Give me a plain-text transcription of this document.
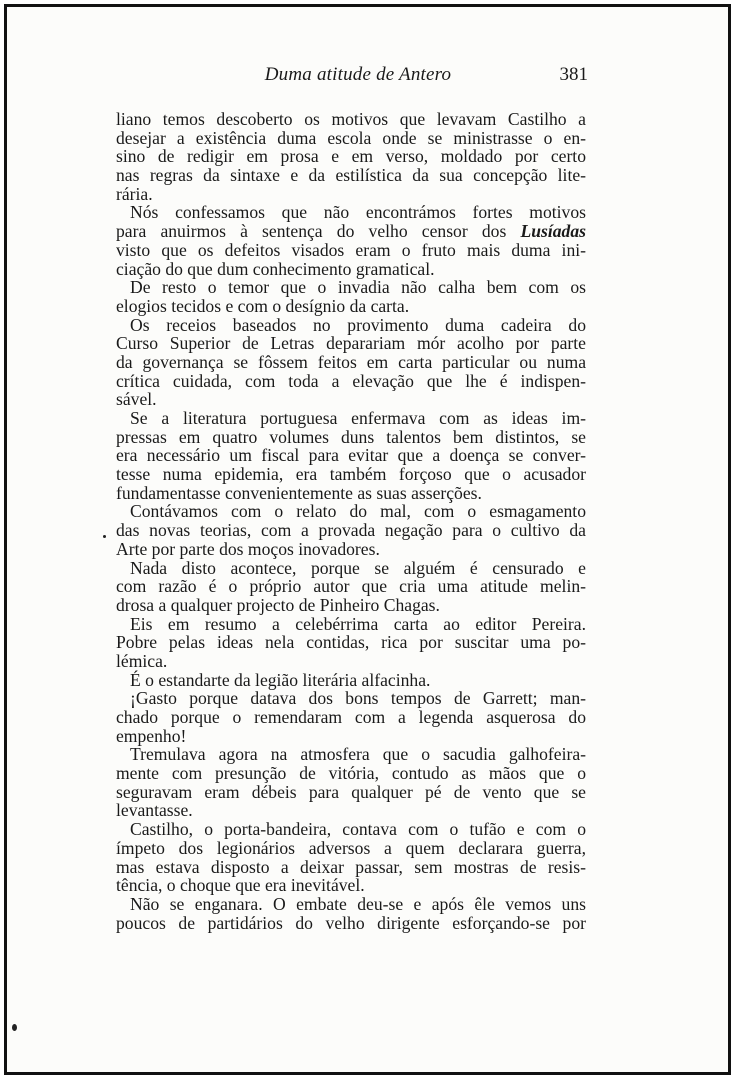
Duma atitude de Antero	381
liano temos descoberto os motivos que levavam Castilho a
desejar a existência duma escola onde se ministrasse o en-
sino de redigir em prosa e em verso, moldado por certo
nas regras da sintaxe e da estilística da sua concepção lite-
rária.
Nós confessamos que não encontrámos fortes motivos
para anuirmos à sentença do velho censor dos Lusíadas
visto que os defeitos visados eram o fruto mais duma ini-
ciação do que dum conhecimento gramatical.
De resto o temor que o invadia não calha bem com os
elogios tecidos e com o desígnio da carta.
Os receios baseados no provimento duma cadeira do
Curso Superior de Letras deparariam mór acolho por parte
da governança se fôssem feitos em carta particular ou numa
crítica cuidada, com toda a elevação que lhe é indispen-
sável.
Se a literatura portuguesa enfermava com as ideas im-
pressas em quatro volumes duns talentos bem distintos, se
era necessário um fiscal para evitar que a doença se conver-
tesse numa epidemia, era também forçoso que o acusador
fundamentasse convenientemente as suas asserções.
Contávamos com o relato do mal, com o esmagamento
das novas teorias, com a provada negação para o cultivo da
Arte por parte dos moços inovadores.
Nada disto acontece, porque se alguém é censurado e
com razão é o próprio autor que cria uma atitude melin-
drosa a qualquer projecto de Pinheiro Chagas.
Eis em resumo a celebérrima carta ao editor Pereira.
Pobre pelas ideas nela contidas, rica por suscitar uma po-
lémica.
É o estandarte da legião literária alfacinha.
¡Gasto porque datava dos bons tempos de Garrett; man-
chado porque o remendaram com a legenda asquerosa do
empenho!
Tremulava agora na atmosfera que o sacudia galhofeira-
mente com presunção de vitória, contudo as mãos que o
seguravam eram débeis para qualquer pé de vento que se
levantasse.
Castilho, o porta-bandeira, contava com o tufão e com o
ímpeto dos legionários adversos a quem declarara guerra,
mas estava disposto a deixar passar, sem mostras de resis-
tência, o choque que era inevitável.
Não se enganara. O embate deu-se e após êle vemos uns
poucos de partidários do velho dirigente esforçando-se por
